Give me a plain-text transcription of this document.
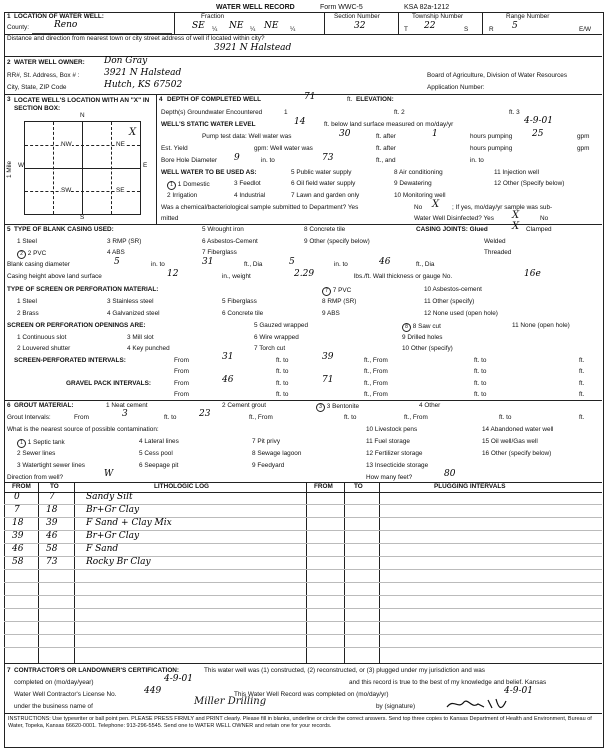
WATER WELL RECORD	Form WWC-5	KSA 82a-1212
1 LOCATION OF WATER WELL:
County:	Reno
Fraction
SE ¼ NE ¼ NE ¼
Section Number
32
Township Number
T 22	S
Range Number
R 5	E/W
Distance and direction from nearest town or city street address of well if located within city?
3921 N Halstead
2 WATER WELL OWNER: Don Gray
RR#, St. Address, Box # :	3921 N Halstead	Board of Agriculture, Division of Water Resources
City, State, ZIP Code	Hutch, KS 67502	Application Number:
3 LOCATE WELL'S LOCATION WITH AN "X" IN SECTION BOX:
N
NW	NE
SW	SE
X
W	E
S
1 Mile
4 DEPTH OF COMPLETED WELL	71	ft. ELEVATION:
Depth(s) Groundwater Encountered	1	ft. 2	ft. 3
WELL'S STATIC WATER LEVEL	14	ft. below land surface measured on mo/day/yr	4-9-01
Pump test data: Well water was	30	ft. after	1	hours pumping 25	gpm
Est. Yield	gpm: Well water was	ft. after	hours pumping	gpm
Bore Hole Diameter 9	in. to	73	ft., and	in. to
WELL WATER TO BE USED AS:
1 1 Domestic
2 Irrigation
3 Feedlot
4 Industrial
5 Public water supply
6 Oil field water supply
7 Lawn and garden only
8 Air conditioning
9 Dewatering
10 Monitoring well
11 Injection well
12 Other (Specify below)
Was a chemical/bacteriological sample submitted to Department? Yes	No X ; If yes, mo/day/yr sample was sub-
mitted	Water Well Disinfected? Yes X	No
5 TYPE OF BLANK CASING USED:
1 Steel
2 2 PVC
3 RMP (SR)
4 ABS
5 Wrought iron
6 Asbestos-Cement
7 Fiberglass
8 Concrete tile
9 Other (specify below)
CASING JOINTS: Glued X Clamped
Welded
Threaded
Blank casing diameter	5	in. to	31	ft., Dia	5	in. to	46	ft., Dia
Casing height above land surface	12	in., weight	2.29	lbs./ft. Wall thickness or gauge No.	16e
TYPE OF SCREEN OR PERFORATION MATERIAL:
1 Steel
2 Brass
3 Stainless steel
4 Galvanized steel
5 Fiberglass
6 Concrete tile
7 7 PVC
8 RMP (SR)
9 ABS
10 Asbestos-cement
11 Other (specify)
12 None used (open hole)
SCREEN OR PERFORATION OPENINGS ARE:
1 Continuous slot
2 Louvered shutter
3 Mill slot
4 Key punched
5 Gauzed wrapped
6 Wire wrapped
7 Torch cut
8 8 Saw cut
9 Drilled holes
10 Other (specify)
11 None (open hole)
SCREEN-PERFORATED INTERVALS:	From	31	ft. to	39	ft., From	ft. to	ft.
From	ft. to	ft., From	ft. to	ft.
GRAVEL PACK INTERVALS:	From	46	ft. to	71	ft., From	ft. to	ft.
From	ft. to	ft., From	ft. to	ft.
6 GROUT MATERIAL:	1 Neat cement	2 Cement grout	3 3 Bentonite	4 Other
Grout Intervals:	From	3	ft. to	23	ft., From	ft. to	ft., From	ft. to	ft.
What is the nearest source of possible contamination:
1 1 Septic tank
2 Sewer lines
3 Watertight sewer lines
4 Lateral lines
5 Cess pool
6 Seepage pit
7 Pit privy
8 Sewage lagoon
9 Feedyard
10 Livestock pens
11 Fuel storage
12 Fertilizer storage
13 Insecticide storage
14 Abandoned water well
15 Oil well/Gas well
16 Other (specify below)
Direction from well?	W	How many feet?	80
FROM	TO	LITHOLOGIC LOG	FROM	TO	PLUGGING INTERVALS
0	7	Sandy Silt
7	18	Br+Gr Clay
18	39	F Sand + Clay Mix
39	46	Br+Gr Clay
46	58	F Sand
58	73	Rocky Br Clay
7 CONTRACTOR'S OR LANDOWNER'S CERTIFICATION:	This water well was (1) constructed, (2) reconstructed, or (3) plugged under my jurisdiction and was
completed on (mo/day/year)	4-9-01	and this record is true to the best of my knowledge and belief. Kansas
Water Well Contractor's License No.	449	This Water Well Record was completed on (mo/day/yr)	4-9-01
under the business name of	Miller Drilling	by (signature)
INSTRUCTIONS: Use typewriter or ball point pen. PLEASE PRESS FIRMLY and PRINT clearly. Please fill in blanks, underline or circle the correct answers. Send top three copies to Kansas Department of Health and Environment, Bureau of Water, Topeka, Kansas 66620-0001. Telephone: 913-296-5545. Send one to WATER WELL OWNER and retain one for your records.
